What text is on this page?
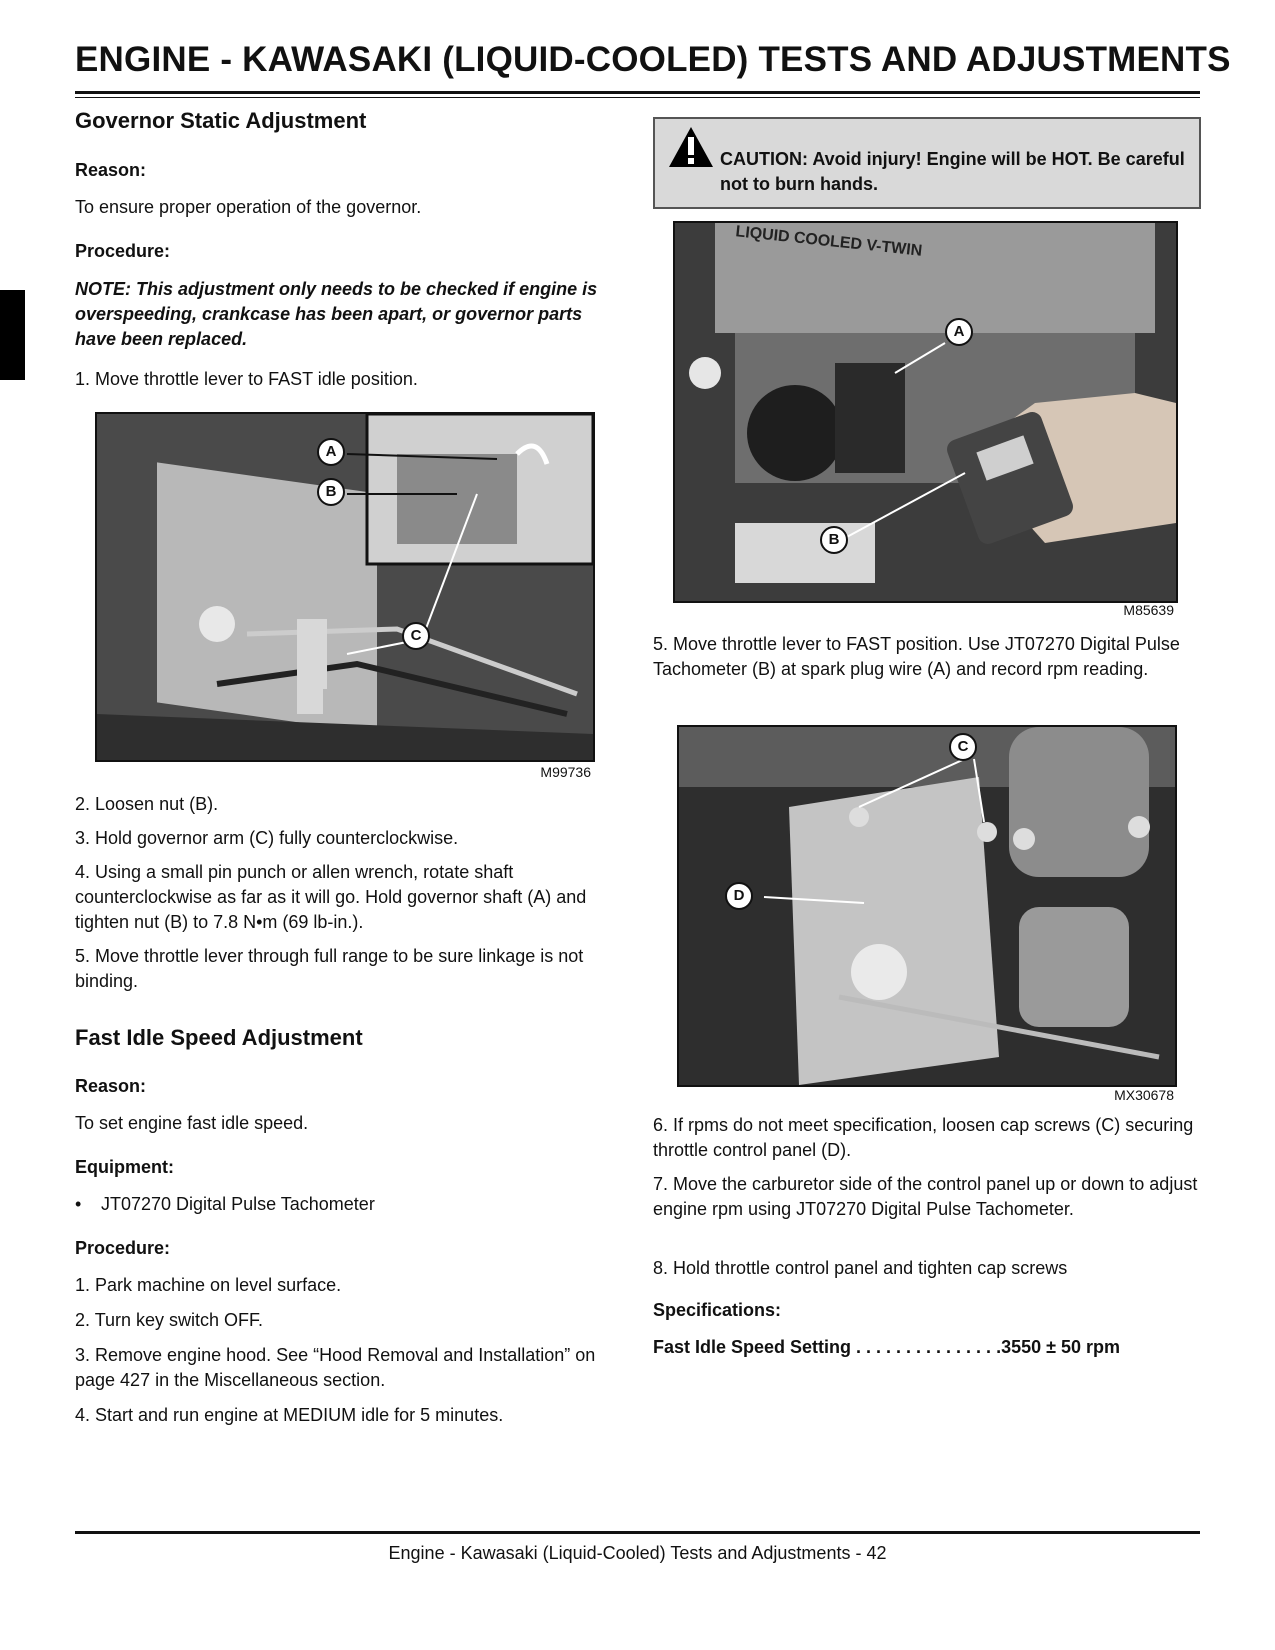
ENGINE - KAWASAKI (LIQUID-COOLED) TESTS AND ADJUSTMENTS
Governor Static Adjustment
Reason:
To ensure proper operation of the governor.
Procedure:
NOTE: This adjustment only needs to be checked if engine is overspeeding, crankcase has been apart, or governor parts have been replaced.
1. Move throttle lever to FAST idle position.
A
B
C
M99736
2. Loosen nut (B).
3. Hold governor arm (C) fully counterclockwise.
4. Using a small pin punch or allen wrench, rotate shaft counterclockwise as far as it will go. Hold governor shaft (A) and tighten nut (B) to 7.8 N•m (69 lb-in.).
5. Move throttle lever through full range to be sure linkage is not binding.
Fast Idle Speed Adjustment
Reason:
To set engine fast idle speed.
Equipment:
• JT07270 Digital Pulse Tachometer
Procedure:
1. Park machine on level surface.
2. Turn key switch OFF.
3. Remove engine hood. See “Hood Removal and Installation” on page 427 in the Miscellaneous section.
4. Start and run engine at MEDIUM idle for 5 minutes.
CAUTION: Avoid injury! Engine will be HOT. Be careful not to burn hands.
LIQUID COOLED V-TWIN
A
B
M85639
5. Move throttle lever to FAST position. Use JT07270 Digital Pulse Tachometer (B) at spark plug wire (A) and record rpm reading.
C
D
MX30678
6. If rpms do not meet specification, loosen cap screws (C) securing throttle control panel (D).
7. Move the carburetor side of the control panel up or down to adjust engine rpm using JT07270 Digital Pulse Tachometer.
8. Hold throttle control panel and tighten cap screws
Specifications:
Fast Idle Speed Setting . . . . . . . . . . . . . . .3550 ± 50 rpm
Engine - Kawasaki (Liquid-Cooled) Tests and Adjustments - 42
